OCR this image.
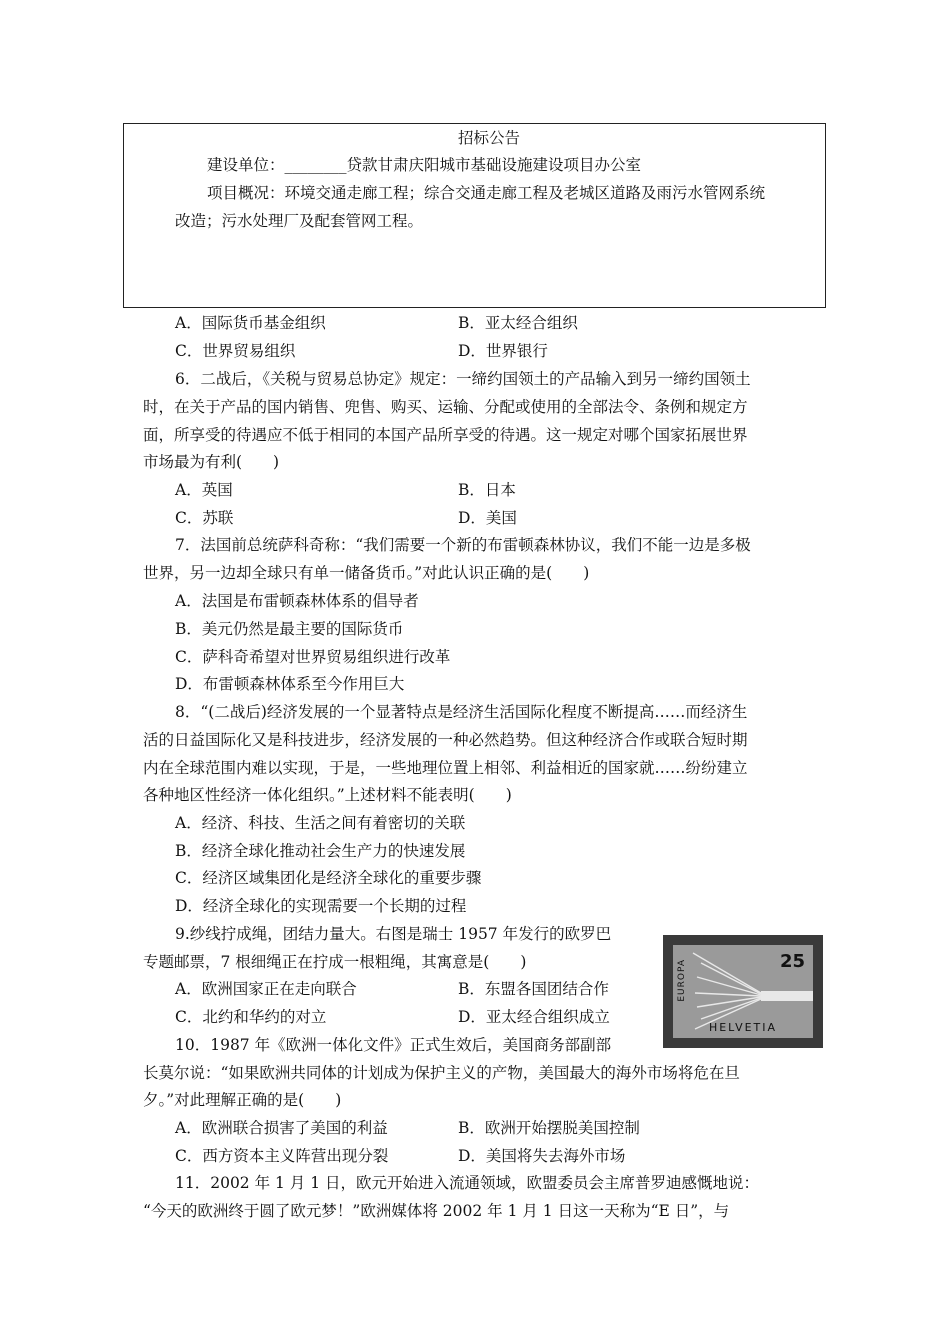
招标公告
建设单位：________贷款甘肃庆阳城市基础设施建设项目办公室
项目概况：环境交通走廊工程；综合交通走廊工程及老城区道路及雨污水管网系统
改造；污水处理厂及配套管网工程。
A．国际货币基金组织	B．亚太经合组织
C．世界贸易组织	D．世界银行
6．二战后，《关税与贸易总协定》规定：一缔约国领土的产品输入到另一缔约国领土
时，在关于产品的国内销售、兜售、购买、运输、分配或使用的全部法令、条例和规定方
面，所享受的待遇应不低于相同的本国产品所享受的待遇。这一规定对哪个国家拓展世界
市场最为有利(　　)
A．英国	B．日本
C．苏联	D．美国
7．法国前总统萨科奇称：“我们需要一个新的布雷顿森林协议，我们不能一边是多极
世界，另一边却全球只有单一储备货币。”对此认识正确的是(　　)
A．法国是布雷顿森林体系的倡导者
B．美元仍然是最主要的国际货币
C．萨科奇希望对世界贸易组织进行改革
D．布雷顿森林体系至今作用巨大
8．“(二战后)经济发展的一个显著特点是经济生活国际化程度不断提高……而经济生
活的日益国际化又是科技进步，经济发展的一种必然趋势。但这种经济合作或联合短时期
内在全球范围内难以实现，于是，一些地理位置上相邻、利益相近的国家就……纷纷建立
各种地区性经济一体化组织。”上述材料不能表明(　　)
A．经济、科技、生活之间有着密切的关联
B．经济全球化推动社会生产力的快速发展
C．经济区域集团化是经济全球化的重要步骤
D．经济全球化的实现需要一个长期的过程
9.纱线拧成绳，团结力量大。右图是瑞士 1957 年发行的欧罗巴
专题邮票，7 根细绳正在拧成一根粗绳，其寓意是(　　)
A．欧洲国家正在走向联合	B．东盟各国团结合作
C．北约和华约的对立	D．亚太经合组织成立
25
EUROPA
HELVETIA
10．1987 年《欧洲一体化文件》正式生效后，美国商务部副部
长莫尔说：“如果欧洲共同体的计划成为保护主义的产物，美国最大的海外市场将危在旦
夕。”对此理解正确的是(　　)
A．欧洲联合损害了美国的利益	B．欧洲开始摆脱美国控制
C．西方资本主义阵营出现分裂	D．美国将失去海外市场
11．2002 年 1 月 1 日，欧元开始进入流通领域，欧盟委员会主席普罗迪感慨地说：
“今天的欧洲终于圆了欧元梦！”欧洲媒体将 2002 年 1 月 1 日这一天称为“E 日”，与
